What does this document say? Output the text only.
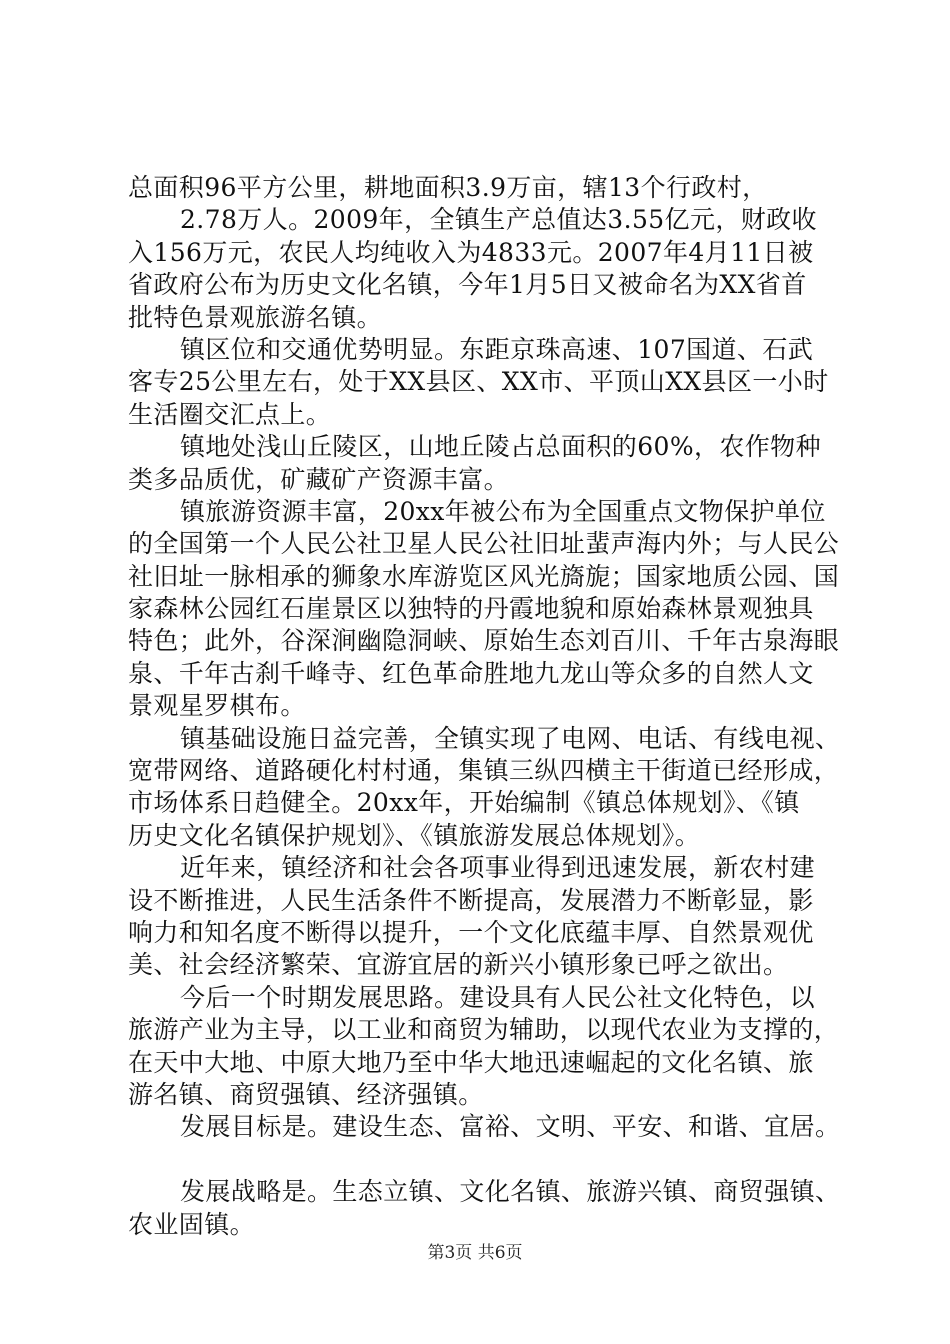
总面积96平方公里，耕地面积3.9万亩，辖13个行政村，
2.78万人。2009年，全镇生产总值达3.55亿元，财政收
入156万元，农民人均纯收入为4833元。2007年4月11日被
省政府公布为历史文化名镇，今年1月5日又被命名为XX省首
批特色景观旅游名镇。
镇区位和交通优势明显。东距京珠高速、107国道、石武
客专25公里左右，处于XX县区、XX市、平顶山XX县区一小时
生活圈交汇点上。
镇地处浅山丘陵区，山地丘陵占总面积的60%，农作物种
类多品质优，矿藏矿产资源丰富。
镇旅游资源丰富，20xx年被公布为全国重点文物保护单位
的全国第一个人民公社卫星人民公社旧址蜚声海内外；与人民公
社旧址一脉相承的狮象水库游览区风光旖旎；国家地质公园、国
家森林公园红石崖景区以独特的丹霞地貌和原始森林景观独具
特色；此外，谷深涧幽隐洞峡、原始生态刘百川、千年古泉海眼
泉、千年古刹千峰寺、红色革命胜地九龙山等众多的自然人文
景观星罗棋布。
镇基础设施日益完善，全镇实现了电网、电话、有线电视、
宽带网络、道路硬化村村通，集镇三纵四横主干街道已经形成，
市场体系日趋健全。20xx年，开始编制《镇总体规划》、《镇
历史文化名镇保护规划》、《镇旅游发展总体规划》。
近年来，镇经济和社会各项事业得到迅速发展，新农村建
设不断推进，人民生活条件不断提高，发展潜力不断彰显，影
响力和知名度不断得以提升，一个文化底蕴丰厚、自然景观优
美、社会经济繁荣、宜游宜居的新兴小镇形象已呼之欲出。
今后一个时期发展思路。建设具有人民公社文化特色，以
旅游产业为主导，以工业和商贸为辅助，以现代农业为支撑的，
在天中大地、中原大地乃至中华大地迅速崛起的文化名镇、旅
游名镇、商贸强镇、经济强镇。
发展目标是。建设生态、富裕、文明、平安、和谐、宜居。
发展战略是。生态立镇、文化名镇、旅游兴镇、商贸强镇、
农业固镇。
第3页 共6页
